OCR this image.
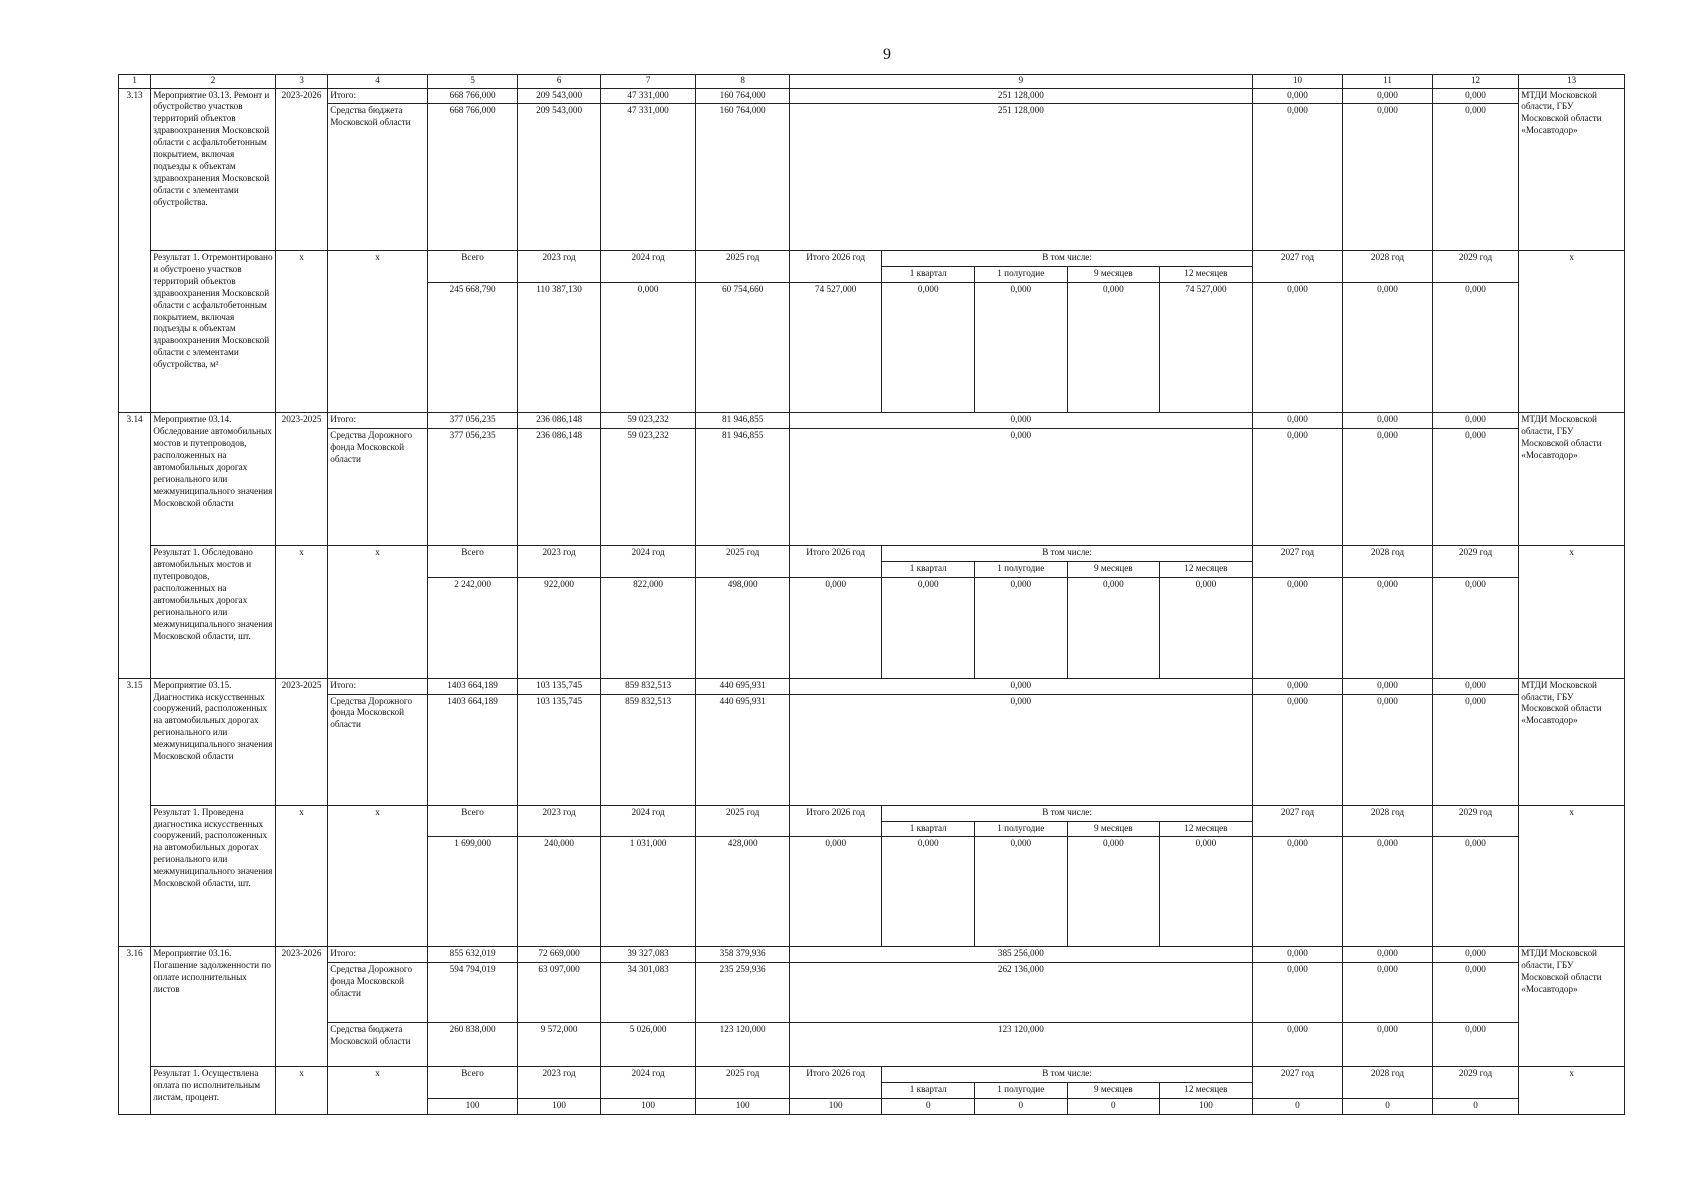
9
1	2	3	4	5	6	7	8	9					10	11	12	13
3.13	Мероприятие 03.13. Ремонт и обустройство участков территорий объектов здравоохранения Московской области с асфальтобетонным покрытием, включая подъезды к объектам здравоохранения Московской области с элементами обустройства.	2023-2026	Итого:	668 766,000	209 543,000	47 331,000	160 764,000	251 128,000					0,000	0,000	0,000	МТДИ Московской области, ГБУ Московской области «Мосавтодор»
			Средства бюджета Московской области	668 766,000	209 543,000	47 331,000	160 764,000	251 128,000					0,000	0,000	0,000	
	Результат 1. Отремонтировано и обустроено участков территорий объектов здравоохранения Московской области с асфальтобетонным покрытием, включая подъезды к объектам здравоохранения Московской области с элементами обустройства, м²	х	х	Всего	2023 год	2024 год	2025 год	Итого 2026 год	В том числе:				2027 год	2028 год	2029 год	х
									1 квартал	1 полугодие	9 месяцев	12 месяцев				
				245 668,790	110 387,130	0,000	60 754,660	74 527,000	0,000	0,000	0,000	74 527,000	0,000	0,000	0,000	
3.14	Мероприятие 03.14. Обследование автомобильных мостов и путепроводов, расположенных на автомобильных дорогах регионального или межмуниципального значения Московской области	2023-2025	Итого:	377 056,235	236 086,148	59 023,232	81 946,855	0,000					0,000	0,000	0,000	МТДИ Московской области, ГБУ Московской области «Мосавтодор»
			Средства Дорожного фонда Московской области	377 056,235	236 086,148	59 023,232	81 946,855	0,000					0,000	0,000	0,000	
	Результат 1. Обследовано автомобильных мостов и путепроводов, расположенных на автомобильных дорогах регионального или межмуниципального значения Московской области, шт.	х	х	Всего	2023 год	2024 год	2025 год	Итого 2026 год	В том числе:				2027 год	2028 год	2029 год	х
									1 квартал	1 полугодие	9 месяцев	12 месяцев				
				2 242,000	922,000	822,000	498,000	0,000	0,000	0,000	0,000	0,000	0,000	0,000	0,000	
3.15	Мероприятие 03.15. Диагностика искусственных сооружений, расположенных на автомобильных дорогах регионального или межмуниципального значения Московской области	2023-2025	Итого:	1403 664,189	103 135,745	859 832,513	440 695,931	0,000					0,000	0,000	0,000	МТДИ Московской области, ГБУ Московской области «Мосавтодор»
			Средства Дорожного фонда Московской области	1403 664,189	103 135,745	859 832,513	440 695,931	0,000					0,000	0,000	0,000	
	Результат 1. Проведена диагностика искусственных сооружений, расположенных на автомобильных дорогах регионального или межмуниципального значения Московской области, шт.	х	х	Всего	2023 год	2024 год	2025 год	Итого 2026 год	В том числе:				2027 год	2028 год	2029 год	х
									1 квартал	1 полугодие	9 месяцев	12 месяцев				
				1 699,000	240,000	1 031,000	428,000	0,000	0,000	0,000	0,000	0,000	0,000	0,000	0,000	
3.16	Мероприятие 03.16. Погашение задолженности по оплате исполнительных листов	2023-2026	Итого:	855 632,019	72 669,000	39 327,083	358 379,936	385 256,000					0,000	0,000	0,000	МТДИ Московской области, ГБУ Московской области «Мосавтодор»
			Средства Дорожного фонда Московской области	594 794,019	63 097,000	34 301,083	235 259,936	262 136,000					0,000	0,000	0,000	
			Средства бюджета Московской области	260 838,000	9 572,000	5 026,000	123 120,000	123 120,000					0,000	0,000	0,000	
	Результат 1. Осуществлена оплата по исполнительным листам, процент.	х	х	Всего	2023 год	2024 год	2025 год	Итого 2026 год	В том числе:				2027 год	2028 год	2029 год	х
									1 квартал	1 полугодие	9 месяцев	12 месяцев				
				100	100	100	100	100	0	0	0	100	0	0	0	
